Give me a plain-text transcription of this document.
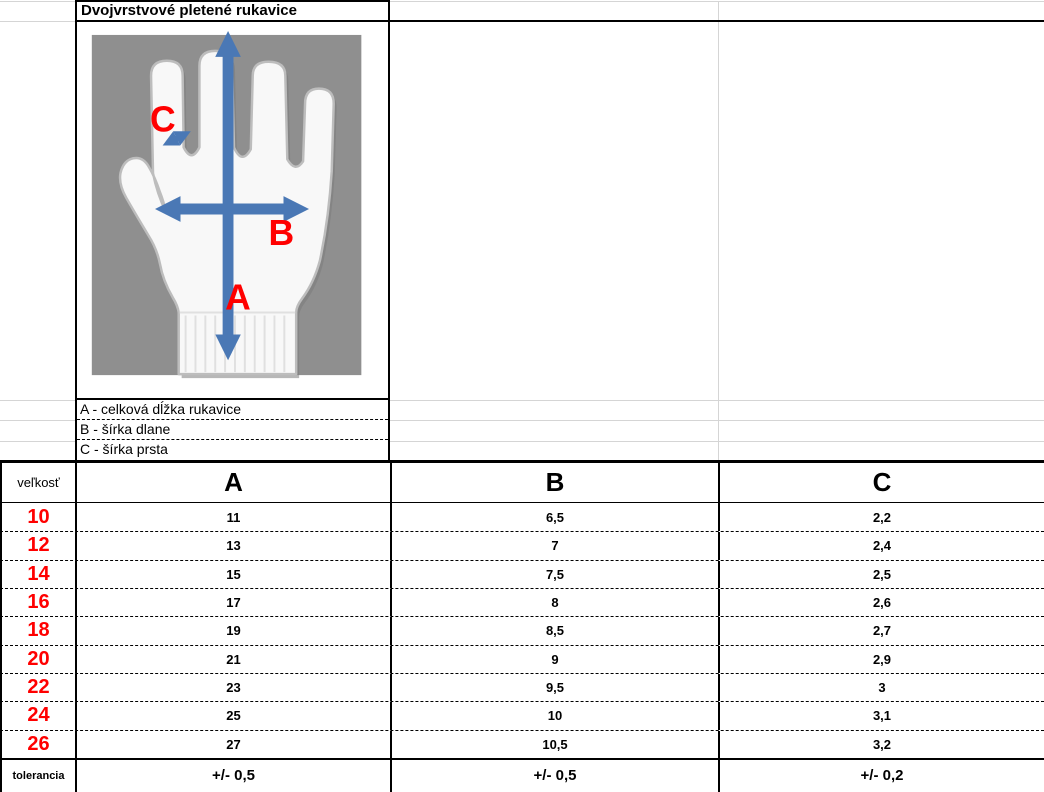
Dvojvrstvové pletené rukavice
C
B
A
A - celková dĺžka rukavice
B - šírka dlane
C - šírka prsta
veľkosť	A	B	C
10	11	6,5	2,2
12	13	7	2,4
14	15	7,5	2,5
16	17	8	2,6
18	19	8,5	2,7
20	21	9	2,9
22	23	9,5	3
24	25	10	3,1
26	27	10,5	3,2
tolerancia	+/- 0,5	+/- 0,5	+/- 0,2
